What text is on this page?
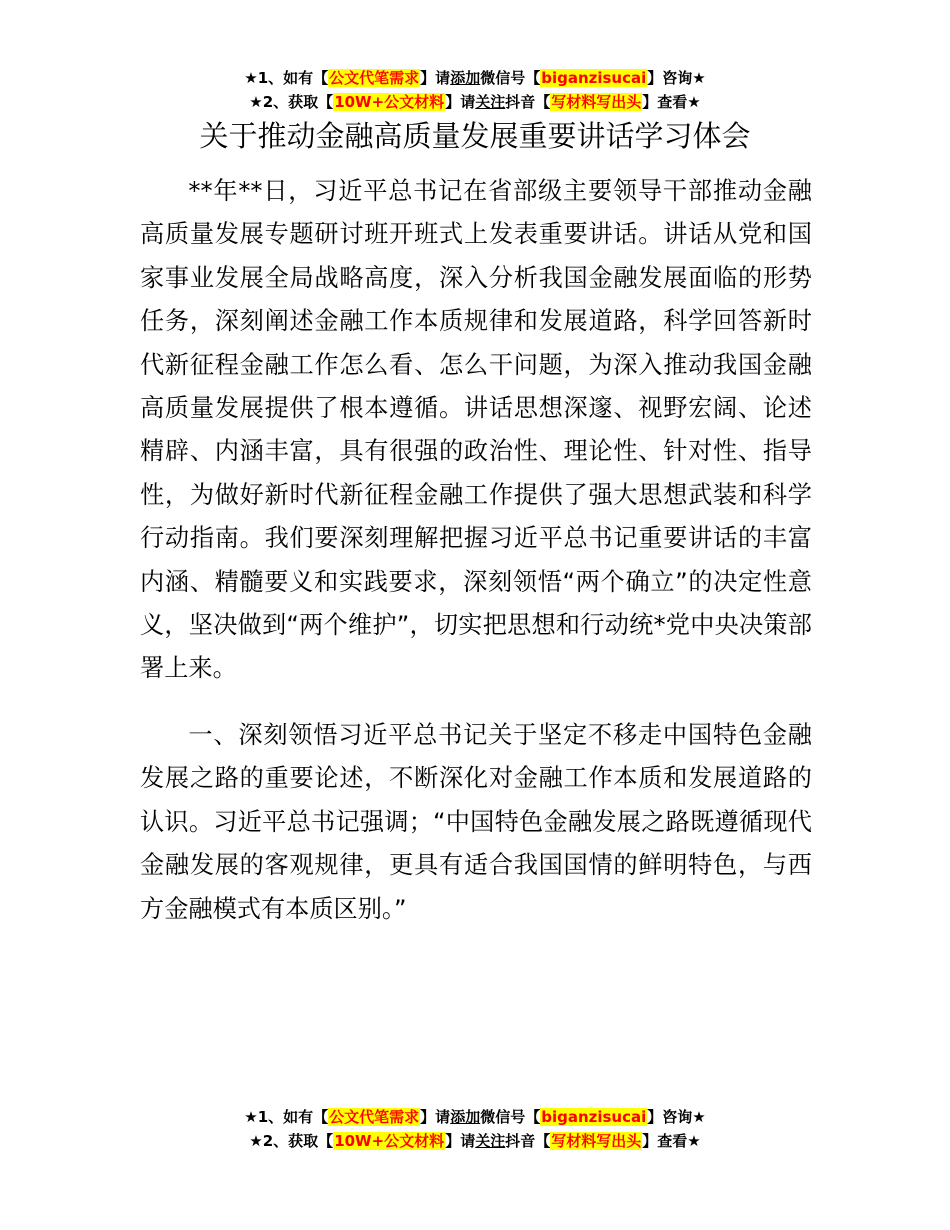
★1、如有【公文代笔需求】请添加微信号【biganzisucai】咨询★
★2、获取【10W+公文材料】请关注抖音【写材料写出头】查看★
关于推动金融高质量发展重要讲话学习体会

**年**日，习近平总书记在省部级主要领导干部推动金融高质量发展专题研讨班开班式上发表重要讲话。讲话从党和国家事业发展全局战略高度，深入分析我国金融发展面临的形势任务，深刻阐述金融工作本质规律和发展道路，科学回答新时代新征程金融工作怎么看、怎么干问题，为深入推动我国金融高质量发展提供了根本遵循。讲话思想深邃、视野宏阔、论述精辟、内涵丰富，具有很强的政治性、理论性、针对性、指导性，为做好新时代新征程金融工作提供了强大思想武装和科学行动指南。我们要深刻理解把握习近平总书记重要讲话的丰富内涵、精髓要义和实践要求，深刻领悟“两个确立”的决定性意义，坚决做到“两个维护”，切实把思想和行动统*党中央决策部署上来。

一、深刻领悟习近平总书记关于坚定不移走中国特色金融发展之路的重要论述，不断深化对金融工作本质和发展道路的认识。习近平总书记强调；“中国特色金融发展之路既遵循现代金融发展的客观规律，更具有适合我国国情的鲜明特色，与西方金融模式有本质区别。”

★1、如有【公文代笔需求】请添加微信号【biganzisucai】咨询★
★2、获取【10W+公文材料】请关注抖音【写材料写出头】查看★
